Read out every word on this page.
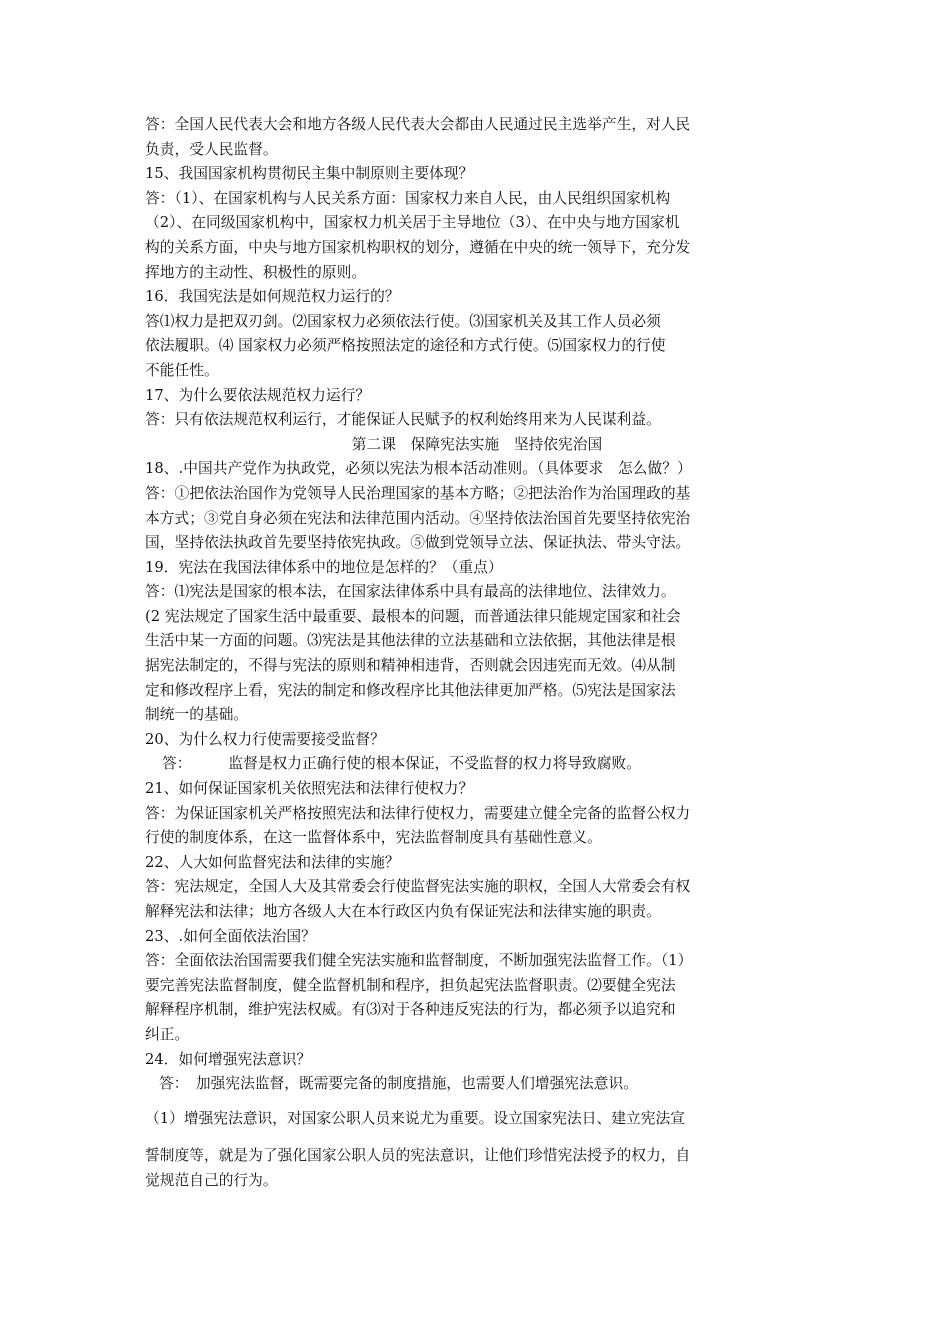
答：全国人民代表大会和地方各级人民代表大会都由人民通过民主选举产生，对人民
负责，受人民监督。
15、我国国家机构贯彻民主集中制原则主要体现？
答：（1）、在国家机构与人民关系方面：国家权力来自人民，由人民组织国家机构
（2）、在同级国家机构中，国家权力机关居于主导地位（3）、在中央与地方国家机
构的关系方面，中央与地方国家机构职权的划分，遵循在中央的统一领导下，充分发
挥地方的主动性、积极性的原则。
16．我国宪法是如何规范权力运行的？
答⑴权力是把双刃剑。⑵国家权力必须依法行使。⑶国家机关及其工作人员必须
依法履职。⑷ 国家权力必须严格按照法定的途径和方式行使。⑸国家权力的行使
不能任性。
17、为什么要依法规范权力运行？
答：只有依法规范权利运行，才能保证人民赋予的权利始终用来为人民谋利益。
第二课　保障宪法实施　坚持依宪治国
18、.中国共产党作为执政党，必须以宪法为根本活动准则。（具体要求　怎么做？）
答：①把依法治国作为党领导人民治理国家的基本方略；②把法治作为治国理政的基
本方式；③党自身必须在宪法和法律范围内活动。④坚持依法治国首先要坚持依宪治
国，坚持依法执政首先要坚持依宪执政。⑤做到党领导立法、保证执法、带头守法。
19．宪法在我国法律体系中的地位是怎样的？（重点）
答：⑴宪法是国家的根本法，在国家法律体系中具有最高的法律地位、法律效力。
(2 宪法规定了国家生活中最重要、最根本的问题，而普通法律只能规定国家和社会
生活中某一方面的问题。⑶宪法是其他法律的立法基础和立法依据，其他法律是根
据宪法制定的，不得与宪法的原则和精神相违背，否则就会因违宪而无效。⑷从制
定和修改程序上看，宪法的制定和修改程序比其他法律更加严格。⑸宪法是国家法
制统一的基础。
20、为什么权力行使需要接受监督？
答：　　　监督是权力正确行使的根本保证，不受监督的权力将导致腐败。
21、如何保证国家机关依照宪法和法律行使权力？
答：为保证国家机关严格按照宪法和法律行使权力，需要建立健全完备的监督公权力
行使的制度体系，在这一监督体系中，宪法监督制度具有基础性意义。
22、人大如何监督宪法和法律的实施？
答：宪法规定，全国人大及其常委会行使监督宪法实施的职权，全国人大常委会有权
解释宪法和法律；地方各级人大在本行政区内负有保证宪法和法律实施的职责。
23、.如何全面依法治国？
答：全面依法治国需要我们健全宪法实施和监督制度，不断加强宪法监督工作。（1）
要完善宪法监督制度，健全监督机制和程序，担负起宪法监督职责。⑵要健全宪法
解释程序机制，维护宪法权威。有⑶对于各种违反宪法的行为，都必须予以追究和
纠正。
24．如何增强宪法意识？
答：　加强宪法监督，既需要完备的制度措施，也需要人们增强宪法意识。
（1）增强宪法意识，对国家公职人员来说尤为重要。设立国家宪法日、建立宪法宣
誓制度等，就是为了强化国家公职人员的宪法意识，让他们珍惜宪法授予的权力，自
觉规范自己的行为。
